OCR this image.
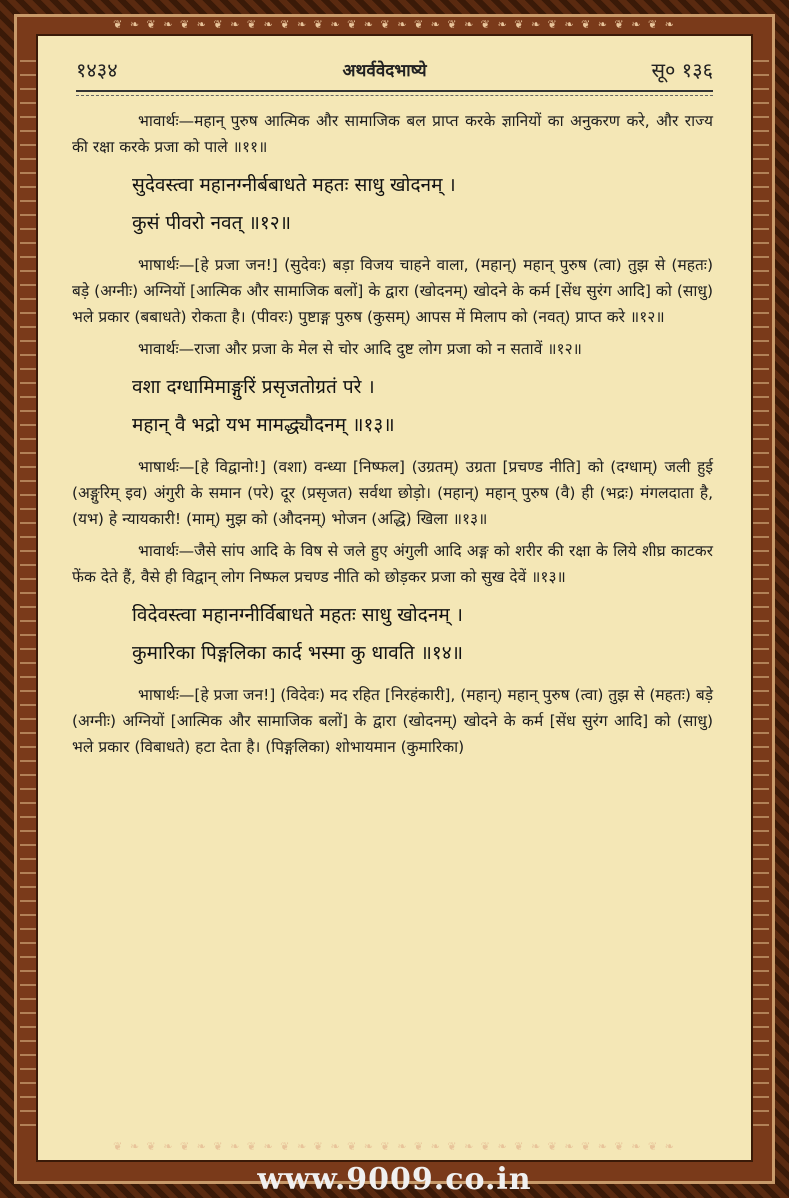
❦ ❧ ❦ ❧ ❦ ❧ ❦ ❧ ❦ ❧ ❦ ❧ ❦ ❧ ❦ ❧ ❦ ❧ ❦ ❧ ❦ ❧ ❦ ❧ ❦ ❧ ❦ ❧ ❦ ❧ ❦ ❧ ❦ ❧
१४३४	अथर्ववेदभाष्ये	सू० १३६

भावार्थः—महान् पुरुष आत्मिक और सामाजिक बल प्राप्त करके ज्ञानियों का अनुकरण करे, और राज्य की रक्षा करके प्रजा को पाले ॥११॥

सुदेवस्त्वा महानग्नीर्बबाधते महतः साधु खोदनम् ।

कुसं पीवरो नवत् ॥१२॥

भाषार्थः—[हे प्रजा जन!] (सुदेवः) बड़ा विजय चाहने वाला, (महान्) महान् पुरुष (त्वा) तुझ से (महतः) बड़े (अग्नीः) अग्नियों [आत्मिक और सामाजिक बलों] के द्वारा (खोदनम्) खोदने के कर्म [सेंध सुरंग आदि] को (साधु) भले प्रकार (बबाधते) रोकता है। (पीवरः) पुष्टाङ्ग पुरुष (कुसम्) आपस में मिलाप को (नवत्) प्राप्त करे ॥१२॥

भावार्थः—राजा और प्रजा के मेल से चोर आदि दुष्ट लोग प्रजा को न सतावें ॥१२॥

वशा दग्धामिमाङ्गुरिं प्रसृजतोग्रतं परे ।

महान् वै भद्रो यभ मामद्ध्यौदनम् ॥१३॥

भाषार्थः—[हे विद्वानो!] (वशा) वन्ध्या [निष्फल] (उग्रतम्) उग्रता [प्रचण्ड नीति] को (दग्धाम्) जली हुई (अङ्गुरिम् इव) अंगुरी के समान (परे) दूर (प्रसृजत) सर्वथा छोड़ो। (महान्) महान् पुरुष (वै) ही (भद्रः) मंगलदाता है, (यभ) हे न्यायकारी! (माम्) मुझ को (औदनम्) भोजन (अद्धि) खिला ॥१३॥

भावार्थः—जैसे सांप आदि के विष से जले हुए अंगुली आदि अङ्ग को शरीर की रक्षा के लिये शीघ्र काटकर फेंक देते हैं, वैसे ही विद्वान् लोग निष्फल प्रचण्ड नीति को छोड़कर प्रजा को सुख देवें ॥१३॥

विदेवस्त्वा महानग्नीर्विबाधते महतः साधु खोदनम् ।

कुमारिका पिङ्गलिका कार्द भस्मा कु धावति ॥१४॥

भाषार्थः—[हे प्रजा जन!] (विदेवः) मद रहित [निरहंकारी], (महान्) महान् पुरुष (त्वा) तुझ से (महतः) बड़े (अग्नीः) अग्नियों [आत्मिक और सामाजिक बलों] के द्वारा (खोदनम्) खोदने के कर्म [सेंध सुरंग आदि] को (साधु) भले प्रकार (विबाधते) हटा देता है। (पिङ्गलिका) शोभायमान (कुमारिका)

❦ ❧ ❦ ❧ ❦ ❧ ❦ ❧ ❦ ❧ ❦ ❧ ❦ ❧ ❦ ❧ ❦ ❧ ❦ ❧ ❦ ❧ ❦ ❧ ❦ ❧ ❦ ❧ ❦ ❧ ❦ ❧ ❦ ❧
www.9009.co.in
